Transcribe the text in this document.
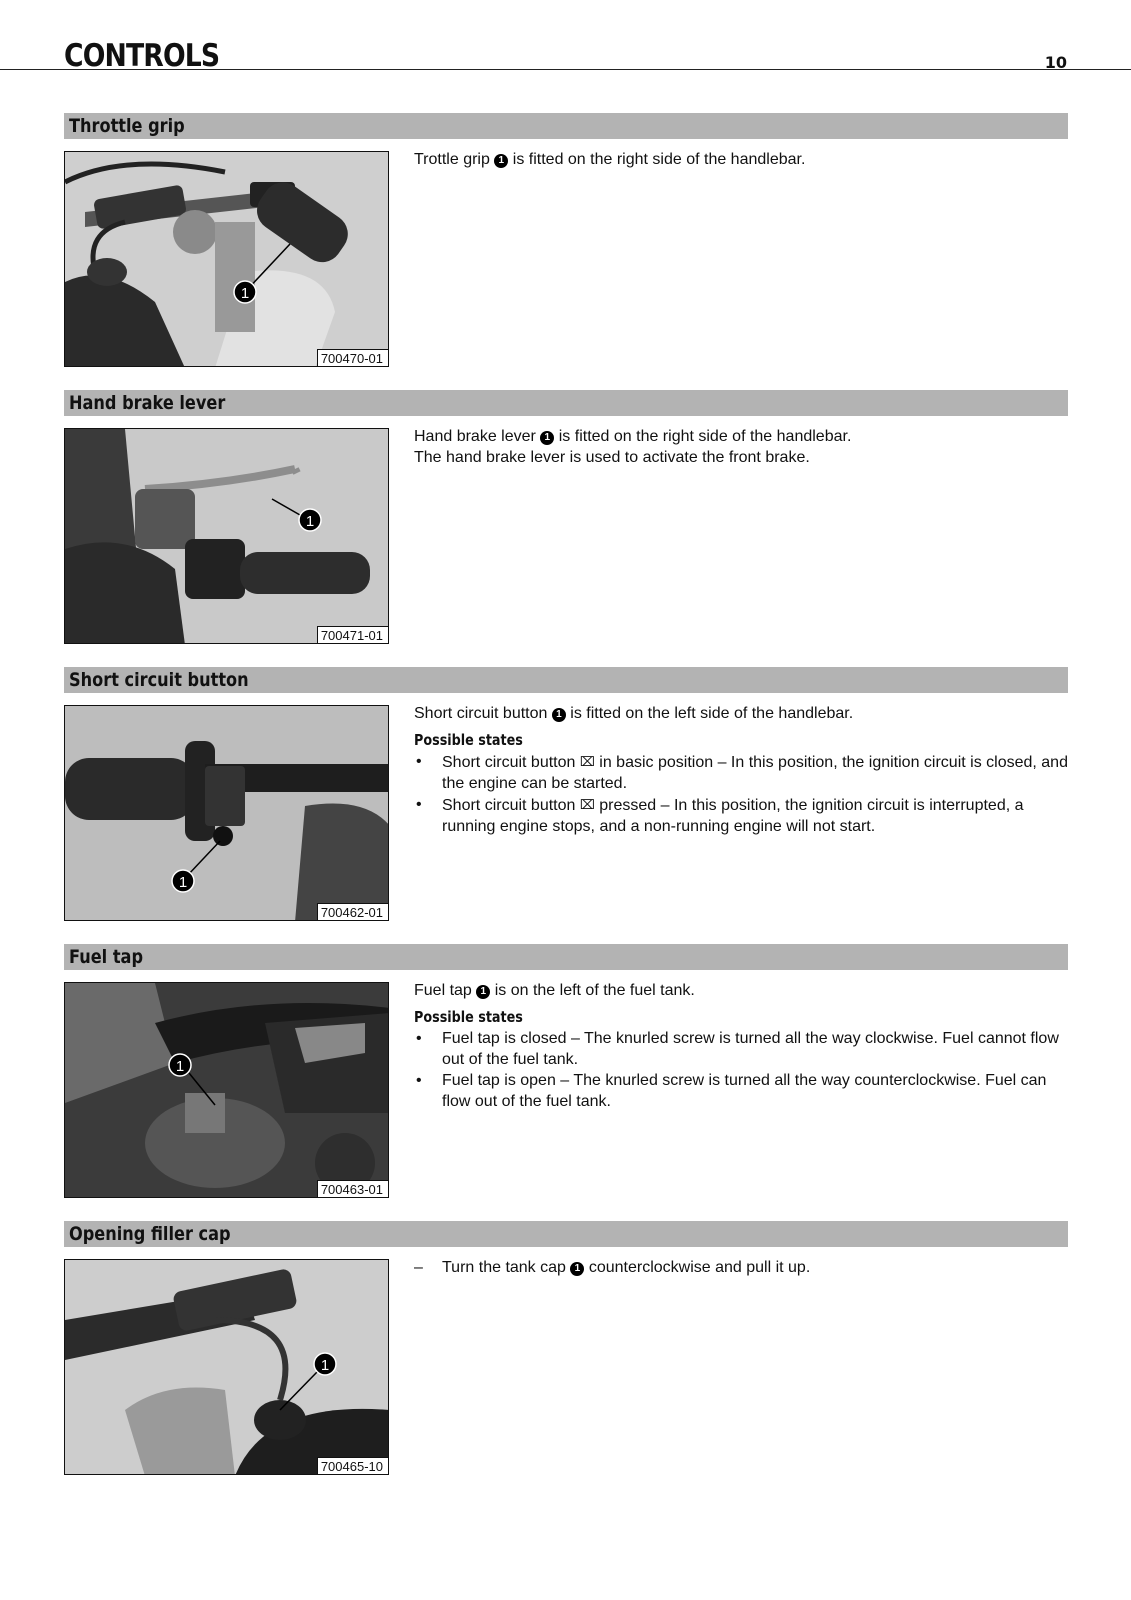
CONTROLS	10
Throttle grip
1
700470-01

Trottle grip 1 is fitted on the right side of the handlebar.

Hand brake lever
1
700471-01

Hand brake lever 1 is fitted on the right side of the handlebar.

The hand brake lever is used to activate the front brake.

Short circuit button
1
700462-01

Short circuit button 1 is fitted on the left side of the handlebar.

Possible states
• Short circuit button ⌧ in basic position – In this position, the ignition circuit is closed, and the engine can be started.
• Short circuit button ⌧ pressed – In this position, the ignition circuit is interrupted, a running engine stops, and a non-running engine will not start.
Fuel tap
1
700463-01

Fuel tap 1 is on the left of the fuel tank.

Possible states
• Fuel tap is closed – The knurled screw is turned all the way clockwise. Fuel cannot flow out of the fuel tank.
• Fuel tap is open – The knurled screw is turned all the way counterclockwise. Fuel can flow out of the fuel tank.
Opening filler cap
1
700465-10

– Turn the tank cap 1 counterclockwise and pull it up.
